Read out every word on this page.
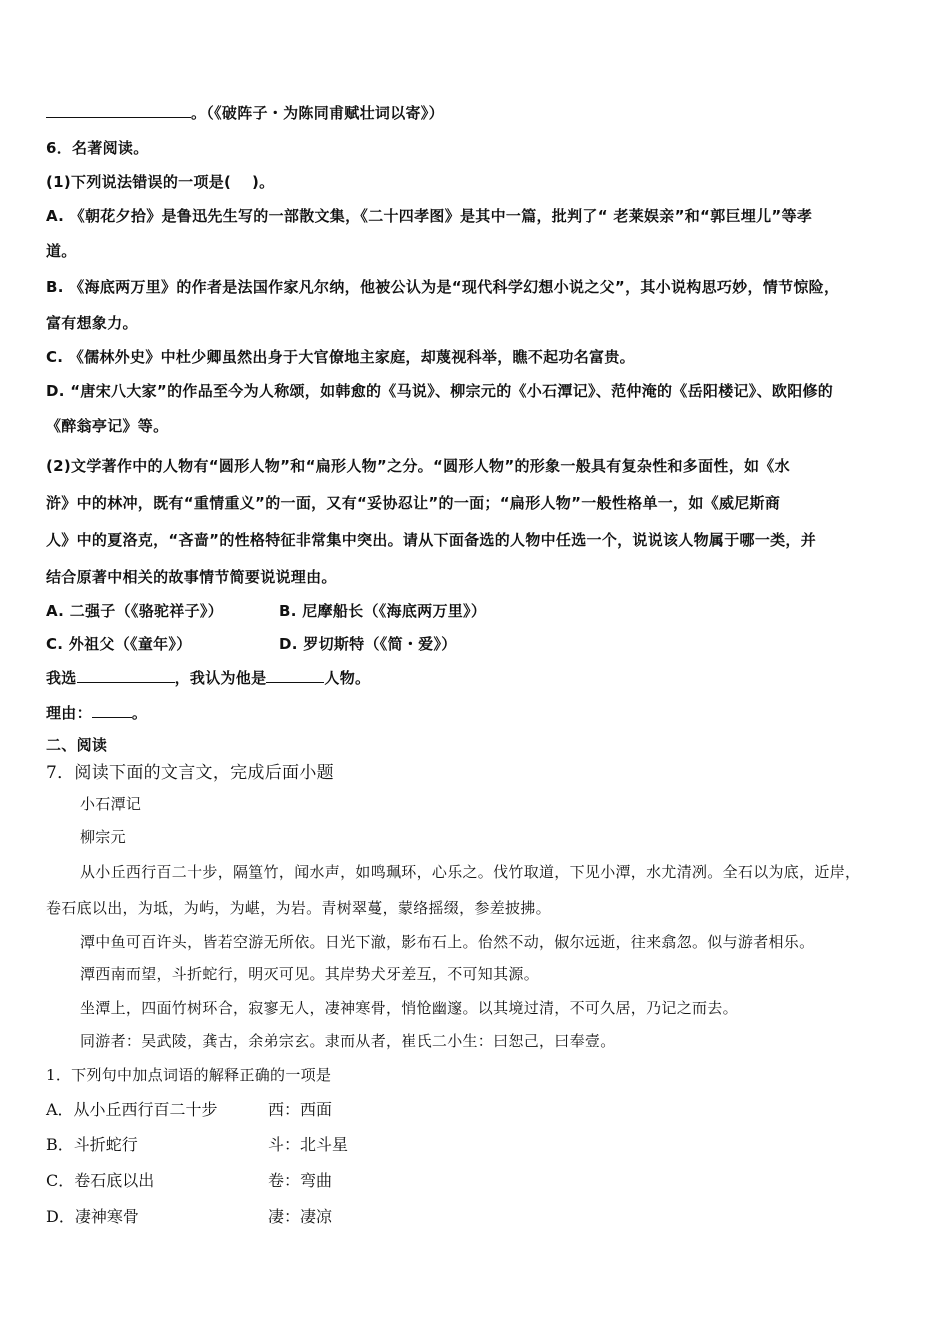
。（《破阵子・为陈同甫赋壮词以寄》）
6．名著阅读。
(1)下列说法错误的一项是(　 )。
A. 《朝花夕拾》是鲁迅先生写的一部散文集，《二十四孝图》是其中一篇，批判了“ 老莱娱亲”和“郭巨埋儿”等孝
道。
B. 《海底两万里》的作者是法国作家凡尔纳，他被公认为是“现代科学幻想小说之父”，其小说构思巧妙，情节惊险，
富有想象力。
C. 《儒林外史》中杜少卿虽然出身于大官僚地主家庭，却蔑视科举，瞧不起功名富贵。
D. “唐宋八大家”的作品至今为人称颂，如韩愈的《马说》、柳宗元的《小石潭记》、范仲淹的《岳阳楼记》、欧阳修的
《醉翁亭记》等。
(2)文学著作中的人物有“圆形人物”和“扁形人物”之分。“圆形人物”的形象一般具有复杂性和多面性，如《水
浒》中的林冲，既有“重情重义”的一面，又有“妥协忍让”的一面；“扁形人物”一般性格单一，如《威尼斯商
人》中的夏洛克，“吝啬”的性格特征非常集中突出。请从下面备选的人物中任选一个，说说该人物属于哪一类，并
结合原著中相关的故事情节简要说说理由。
A. 二强子（《骆驼祥子》）	B. 尼摩船长（《海底两万里》）
C. 外祖父（《童年》）	D. 罗切斯特（《简・爱》）
我选	，我认为他是	人物。
理由：	。
二、阅读
7．阅读下面的文言文，完成后面小题
小石潭记
柳宗元
从小丘西行百二十步，隔篁竹，闻水声，如鸣珮环，心乐之。伐竹取道，下见小潭，水尤清冽。全石以为底，近岸，
卷石底以出，为坻，为屿，为嵁，为岩。青树翠蔓，蒙络摇缀，参差披拂。
潭中鱼可百许头，皆若空游无所依。日光下澈，影布石上。佁然不动，俶尔远逝，往来翕忽。似与游者相乐。
潭西南而望，斗折蛇行，明灭可见。其岸势犬牙差互，不可知其源。
坐潭上，四面竹树环合，寂寥无人，凄神寒骨，悄怆幽邃。以其境过清，不可久居，乃记之而去。
同游者：吴武陵，龚古，余弟宗玄。隶而从者，崔氏二小生：曰恕己，曰奉壹。
1．下列句中加点词语的解释正确的一项是
A．从小丘西行百二十步	西：西面
B．斗折蛇行	斗：北斗星
C．卷石底以出	卷：弯曲
D．凄神寒骨	凄：凄凉
